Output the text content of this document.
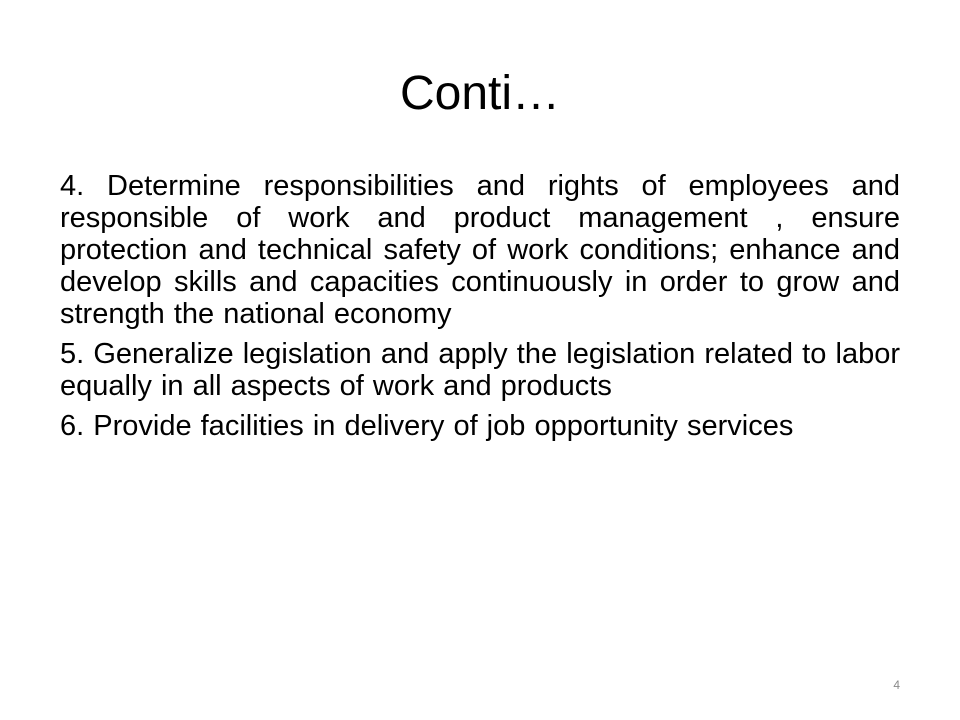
Conti…

4. Determine responsibilities and rights of employees and responsible of work and product management , ensure protection and technical safety of work conditions; enhance and develop skills and capacities continuously in order to grow and strength the national economy

5. Generalize legislation and apply the legislation related to labor equally in all aspects of work and products

6. Provide facilities in delivery of job opportunity services

4
